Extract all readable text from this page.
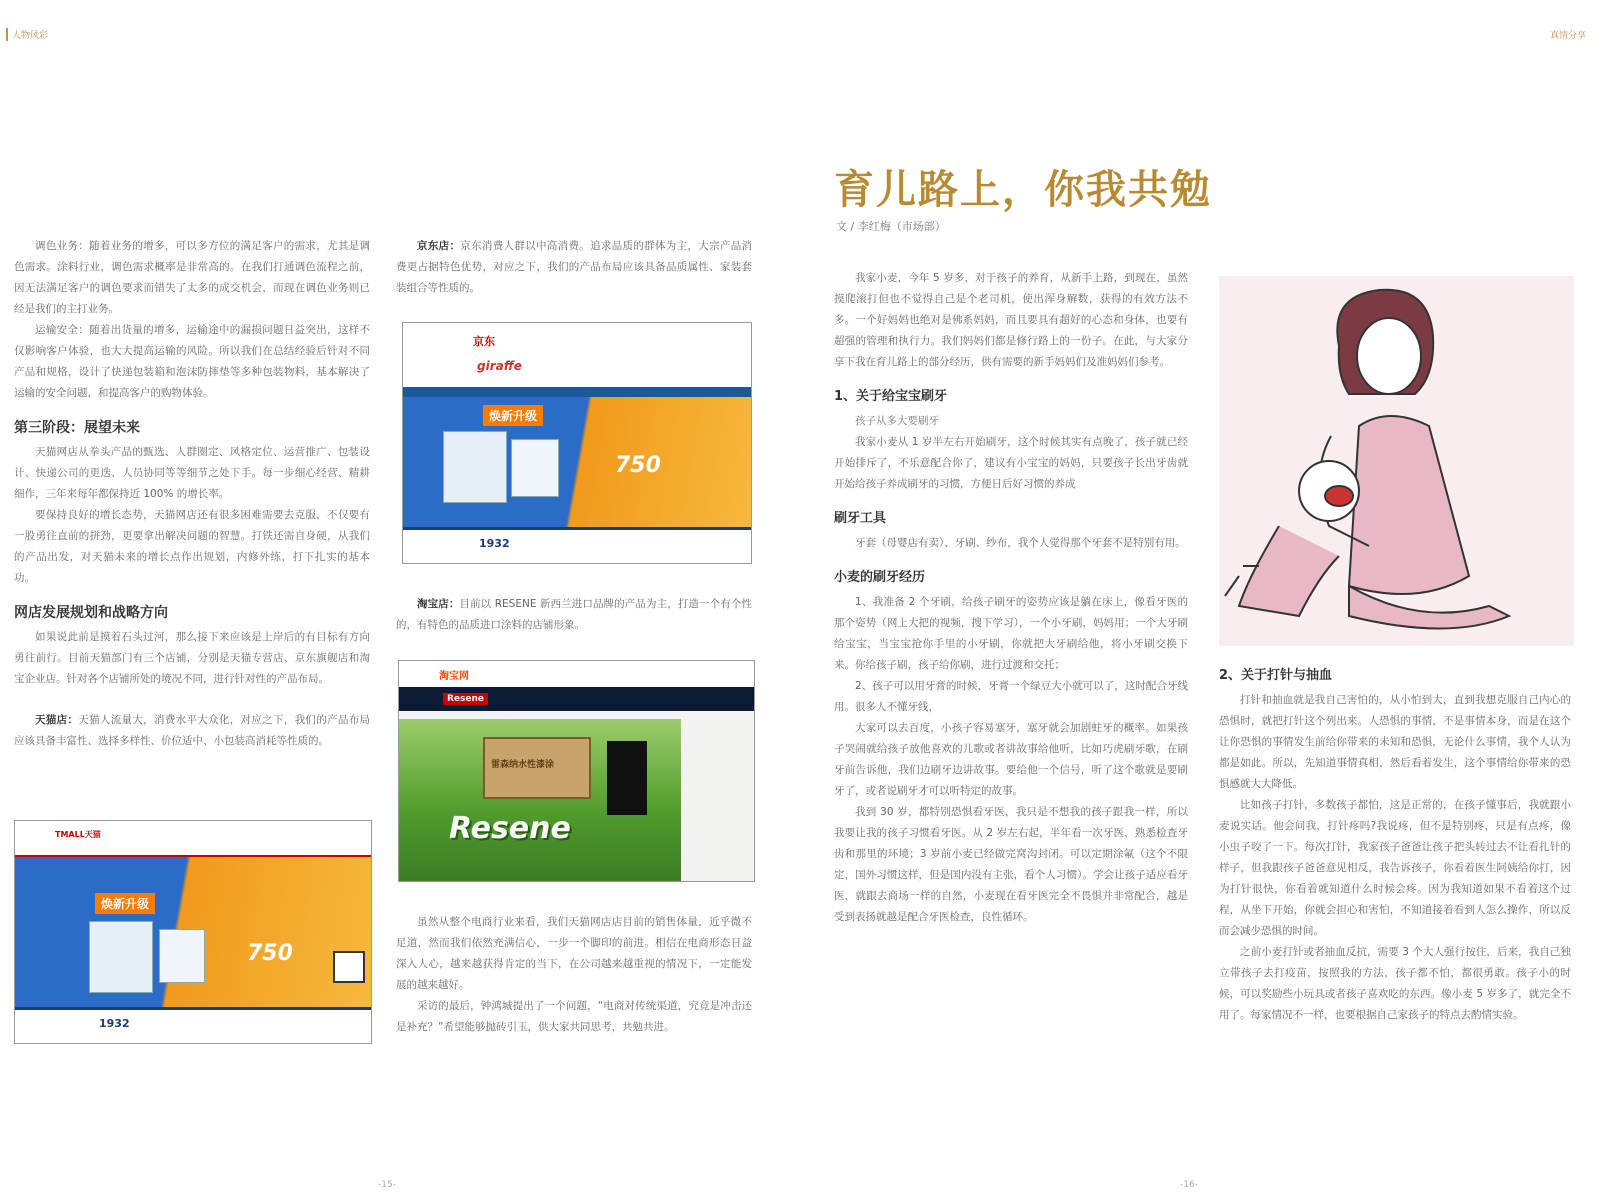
人物风彩	真情分享

调色业务：随着业务的增多，可以多方位的满足客户的需求，尤其是调色需求。涂料行业，调色需求概率是非常高的。在我们打通调色流程之前，因无法满足客户的调色要求而错失了太多的成交机会，而现在调色业务则已经是我们的主打业务。

运输安全：随着出货量的增多，运输途中的漏损问题日益突出，这样不仅影响客户体验，也大大提高运输的风险。所以我们在总结经验后针对不同产品和规格，设计了快递包装箱和泡沫防摔垫等多种包装物料，基本解决了运输的安全问题，和提高客户的购物体验。

第三阶段：展望未来

天猫网店从拳头产品的甄选、人群圈定、风格定位、运营推广、包装设计、快递公司的更迭、人员协同等等细节之处下手。每一步细心经营、精耕细作，三年来每年都保持近 100% 的增长率。

要保持良好的增长态势，天猫网店还有很多困难需要去克服，不仅要有一股勇往直前的拼劲，更要拿出解决问题的智慧。打铁还需自身硬，从我们的产品出发，对天猫未来的增长点作出规划，内修外练，打下扎实的基本功。

网店发展规划和战略方向

如果说此前是摸着石头过河，那么接下来应该是上岸后的有目标有方向勇往前行。目前天猫部门有三个店铺，分别是天猫专营店、京东旗舰店和淘宝企业店。针对各个店铺所处的境况不同，进行针对性的产品布局。

天猫店：天猫人流量大，消费水平大众化，对应之下，我们的产品布局应该具备丰富性、选择多样性、价位适中、小包装高消耗等性质的。

TMALL天猫
焕新升级
750
1932

京东店：京东消费人群以中高消费。追求品质的群体为主，大宗产品消费更占据特色优势，对应之下，我们的产品布局应该具备品质属性、家装套装组合等性质的。

京东
giraffe
焕新升级
750
1932

淘宝店：目前以 RESENE 新西兰进口品牌的产品为主，打造一个有个性的，有特色的品质进口涂料的店铺形象。

淘宝网
Resene
雷森纳水性漆涂
Resene

虽然从整个电商行业来看，我们天猫网店店目前的销售体量，近乎微不足道，然而我们依然充满信心，一步一个脚印的前进。相信在电商形态日益深入人心，越来越获得肯定的当下，在公司越来越重视的情况下，一定能发展的越来越好。

采访的最后，钟鸿城提出了一个问题，“电商对传统渠道，究竟是冲击还是补充？”希望能够抛砖引玉，供大家共同思考，共勉共进。

-15-
育儿路上，你我共勉
文 / 李红梅（市场部）

我家小麦，今年 5 岁多，对于孩子的养育，从新手上路，到现在，虽然摸爬滚打但也不觉得自己是个老司机，使出浑身解数，获得的有效方法不多。一个好妈妈也绝对是佛系妈妈，而且要具有超好的心态和身体，也要有超强的管理和执行力。我们妈妈们都是修行路上的一份子。在此，与大家分享下我在育儿路上的部分经历，供有需要的新手妈妈们及准妈妈们参考。

1、关于给宝宝刷牙

孩子从多大要刷牙

我家小麦从 1 岁半左右开始刷牙，这个时候其实有点晚了，孩子就已经开始排斥了，不乐意配合你了，建议有小宝宝的妈妈，只要孩子长出牙齿就开始给孩子养成刷牙的习惯，方便日后好习惯的养成

刷牙工具

牙套（母婴店有卖）、牙刷、纱布，我个人觉得那个牙套不是特别有用。

小麦的刷牙经历

1、我准备 2 个牙刷，给孩子刷牙的姿势应该是躺在床上，像看牙医的那个姿势（网上大把的视频，搜下学习），一个小牙刷，妈妈用；一个大牙刷给宝宝，当宝宝抢你手里的小牙刷，你就把大牙刷给他，将小牙刷交换下来。你给孩子刷，孩子给你刷，进行过渡和交托；

2、孩子可以用牙膏的时候，牙膏一个绿豆大小就可以了，这时配合牙线用。很多人不懂牙线，

大家可以去百度，小孩子容易塞牙，塞牙就会加剧蛀牙的概率。如果孩子哭闹就给孩子放他喜欢的儿歌或者讲故事给他听，比如巧虎刷牙歌，在刷牙前告诉他，我们边刷牙边讲故事。要给他一个信号，听了这个歌就是要刷牙了，或者说刷牙才可以听特定的故事。

我到 30 岁，都特别恐惧看牙医，我只是不想我的孩子跟我一样，所以我要让我的孩子习惯看牙医。从 2 岁左右起，半年看一次牙医，熟悉检查牙齿和那里的环境；3 岁前小麦已经做完窝沟封闭。可以定期涂氟（这个不限定，国外习惯这样，但是国内没有主张，看个人习惯）。学会让孩子适应看牙医，就跟去商场一样的自然，小麦现在看牙医完全不畏惧并非常配合，越是受到表扬就越是配合牙医检查，良性循环。

2、关于打针与抽血

打针和抽血就是我自己害怕的，从小怕到大，直到我想克服自己内心的恐惧时，就把打针这个列出来。人恐惧的事情，不是事情本身，而是在这个让你恐惧的事情发生前给你带来的未知和恐惧，无论什么事情，我个人认为都是如此。所以，先知道事情真相，然后看着发生，这个事情给你带来的恐惧感就大大降低。

比如孩子打针，多数孩子都怕，这是正常的，在孩子懂事后，我就跟小麦说实话。他会问我，打针疼吗?我说疼，但不是特别疼，只是有点疼，像小虫子咬了一下。每次打针，我家孩子爸爸让孩子把头转过去不让看扎针的样子，但我跟孩子爸爸意见相反，我告诉孩子，你看着医生阿姨给你打，因为打针很快，你看着就知道什么时候会疼。因为我知道如果不看着这个过程，从坐下开始，你就会担心和害怕，不知道接着看到人怎么操作，所以反而会减少恐惧的时间。

之前小麦打针或者抽血反抗，需要 3 个大人强行按住，后来，我自己独立带孩子去打疫苗，按照我的方法，孩子都不怕，都很勇敢。孩子小的时候，可以奖励些小玩具或者孩子喜欢吃的东西。像小麦 5 岁多了，就完全不用了。每家情况不一样，也要根据自己家孩子的特点去酌情实验。

-16-
